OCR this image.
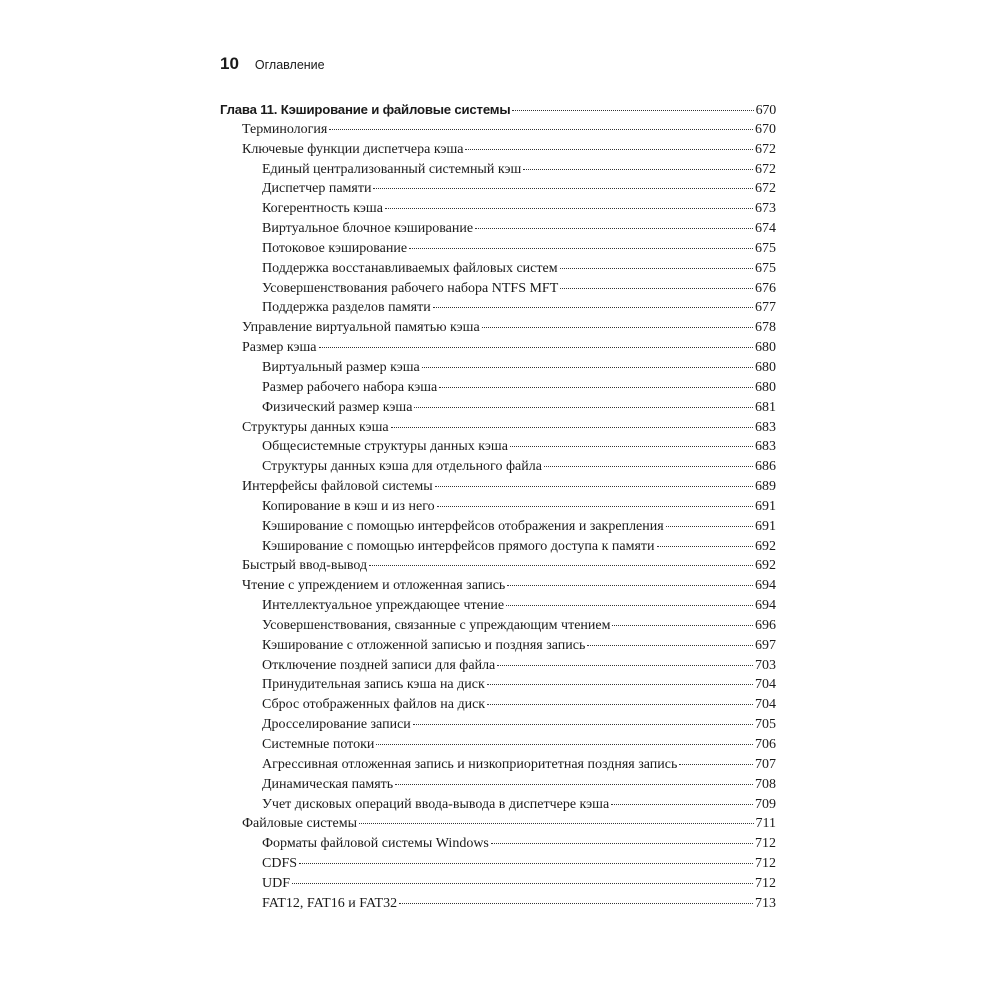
10 Оглавление
Глава 11. Кэширование и файловые системы	670
Терминология	670
Ключевые функции диспетчера кэша	672
Единый централизованный системный кэш	672
Диспетчер памяти	672
Когерентность кэша	673
Виртуальное блочное кэширование	674
Потоковое кэширование	675
Поддержка восстанавливаемых файловых систем	675
Усовершенствования рабочего набора NTFS MFT	676
Поддержка разделов памяти	677
Управление виртуальной памятью кэша	678
Размер кэша	680
Виртуальный размер кэша	680
Размер рабочего набора кэша	680
Физический размер кэша	681
Структуры данных кэша	683
Общесистемные структуры данных кэша	683
Структуры данных кэша для отдельного файла	686
Интерфейсы файловой системы	689
Копирование в кэш и из него	691
Кэширование с помощью интерфейсов отображения и закрепления	691
Кэширование с помощью интерфейсов прямого доступа к памяти	692
Быстрый ввод-вывод	692
Чтение с упреждением и отложенная запись	694
Интеллектуальное упреждающее чтение	694
Усовершенствования, связанные с упреждающим чтением	696
Кэширование с отложенной записью и поздняя запись	697
Отключение поздней записи для файла	703
Принудительная запись кэша на диск	704
Сброс отображенных файлов на диск	704
Дросселирование записи	705
Системные потоки	706
Агрессивная отложенная запись и низкоприоритетная поздняя запись	707
Динамическая память	708
Учет дисковых операций ввода-вывода в диспетчере кэша	709
Файловые системы	711
Форматы файловой системы Windows	712
CDFS	712
UDF	712
FAT12, FAT16 и FAT32	713
